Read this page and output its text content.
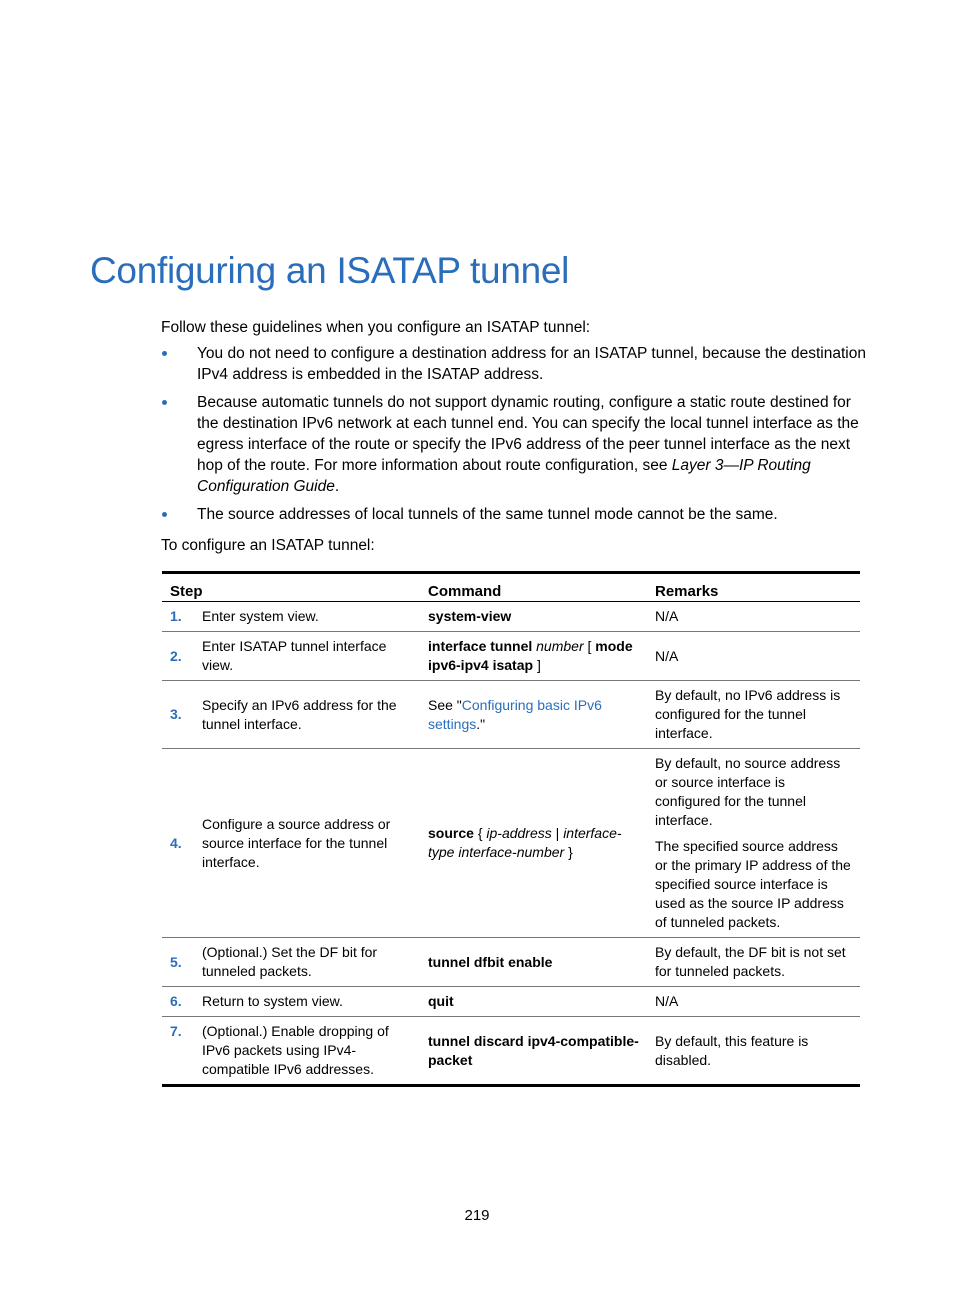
Configuring an ISATAP tunnel

Follow these guidelines when you configure an ISATAP tunnel:

You do not need to configure a destination address for an ISATAP tunnel, because the destination IPv4 address is embedded in the ISATAP address.
Because automatic tunnels do not support dynamic routing, configure a static route destined for the destination IPv6 network at each tunnel end. You can specify the local tunnel interface as the egress interface of the route or specify the IPv6 address of the peer tunnel interface as the next hop of the route. For more information about route configuration, see Layer 3—IP Routing Configuration Guide.
The source addresses of local tunnels of the same tunnel mode cannot be the same.

To configure an ISATAP tunnel:

Step		Command	Remarks
1.	Enter system view.	system-view	N/A
2.	Enter ISATAP tunnel interface view.	interface tunnel number [ mode ipv6-ipv4 isatap ]	N/A
3.	Specify an IPv6 address for the tunnel interface.	See "Configuring basic IPv6 settings."	By default, no IPv6 address is configured for the tunnel interface.
4.	Configure a source address or source interface for the tunnel interface.	source { ip-address | interface-type interface-number }	By default, no source address or source interface is configured for the tunnel interface.

The specified source address or the primary IP address of the specified source interface is used as the source IP address of tunneled packets.

5.	(Optional.) Set the DF bit for tunneled packets.	tunnel dfbit enable	By default, the DF bit is not set for tunneled packets.
6.	Return to system view.	quit	N/A
7.	(Optional.) Enable dropping of IPv6 packets using IPv4-compatible IPv6 addresses.	tunnel discard ipv4-compatible-packet	By default, this feature is disabled.
219
